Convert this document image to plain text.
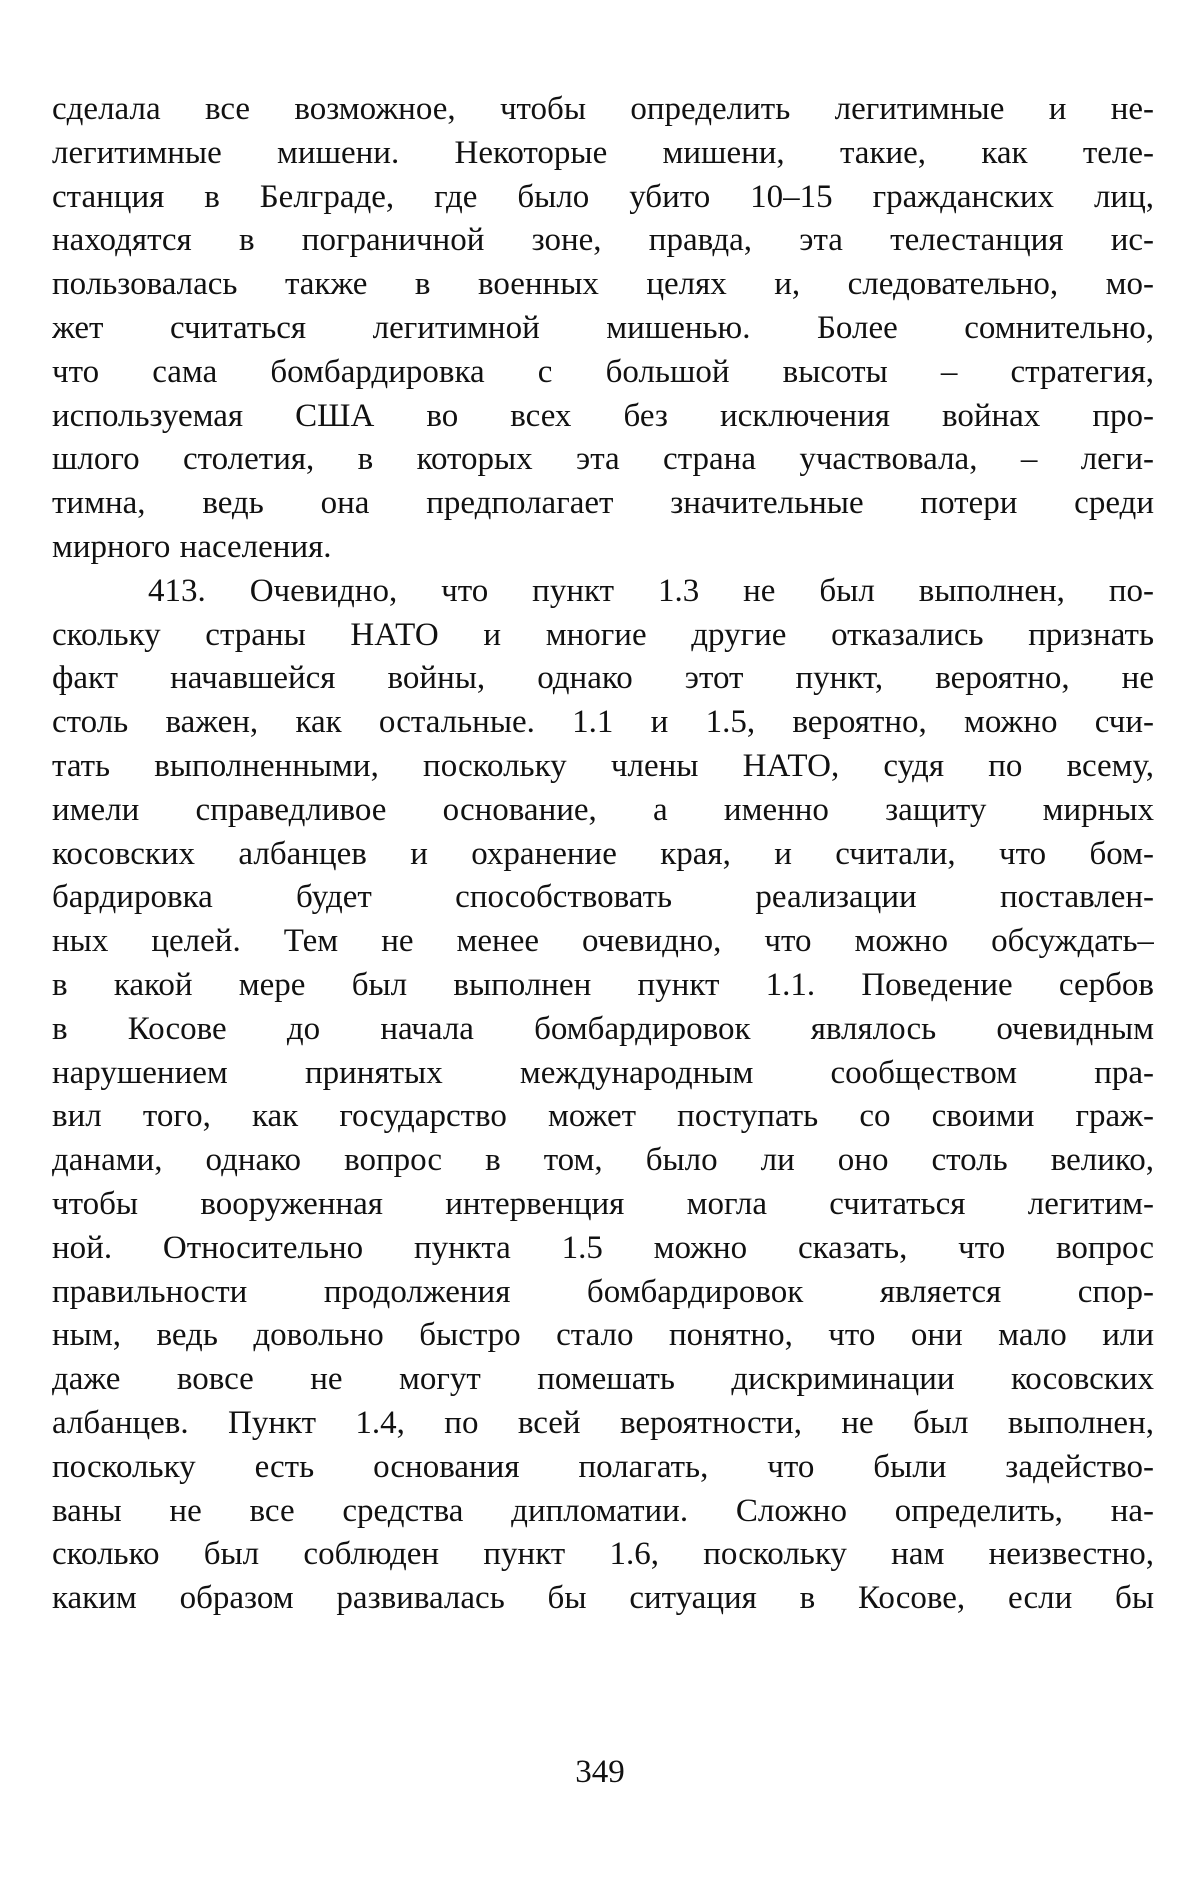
сделала все возможное, чтобы определить легитимные и не-
легитимные мишени. Некоторые мишени, такие, как теле-
станция в Белграде, где было убито 10–15 гражданских лиц,
находятся в пограничной зоне, правда, эта телестанция ис-
пользовалась также в военных целях и, следовательно, мо-
жет считаться легитимной мишенью. Более сомнительно,
что сама бомбардировка с большой высоты – стратегия,
используемая США во всех без исключения войнах про-
шлого столетия, в которых эта страна участвовала, – леги-
тимна, ведь она предполагает значительные потери среди
мирного населения.
413. Очевидно, что пункт 1.3 не был выполнен, по-
скольку страны НАТО и многие другие отказались признать
факт начавшейся войны, однако этот пункт, вероятно, не
столь важен, как остальные. 1.1 и 1.5, вероятно, можно счи-
тать выполненными, поскольку члены НАТО, судя по всему,
имели справедливое основание, а именно защиту мирных
косовских албанцев и охранение края, и считали, что бом-
бардировка будет способствовать реализации поставлен-
ных целей. Тем не менее очевидно, что можно обсуждать–
в какой мере был выполнен пункт 1.1. Поведение сербов
в Косове до начала бомбардировок являлось очевидным
нарушением принятых международным сообществом пра-
вил того, как государство может поступать со своими граж-
данами, однако вопрос в том, было ли оно столь велико,
чтобы вооруженная интервенция могла считаться легитим-
ной. Относительно пункта 1.5 можно сказать, что вопрос
правильности продолжения бомбардировок является спор-
ным, ведь довольно быстро стало понятно, что они мало или
даже вовсе не могут помешать дискриминации косовских
албанцев. Пункт 1.4, по всей вероятности, не был выполнен,
поскольку есть основания полагать, что были задейство-
ваны не все средства дипломатии. Сложно определить, на-
сколько был соблюден пункт 1.6, поскольку нам неизвестно,
каким образом развивалась бы ситуация в Косове, если бы
349
